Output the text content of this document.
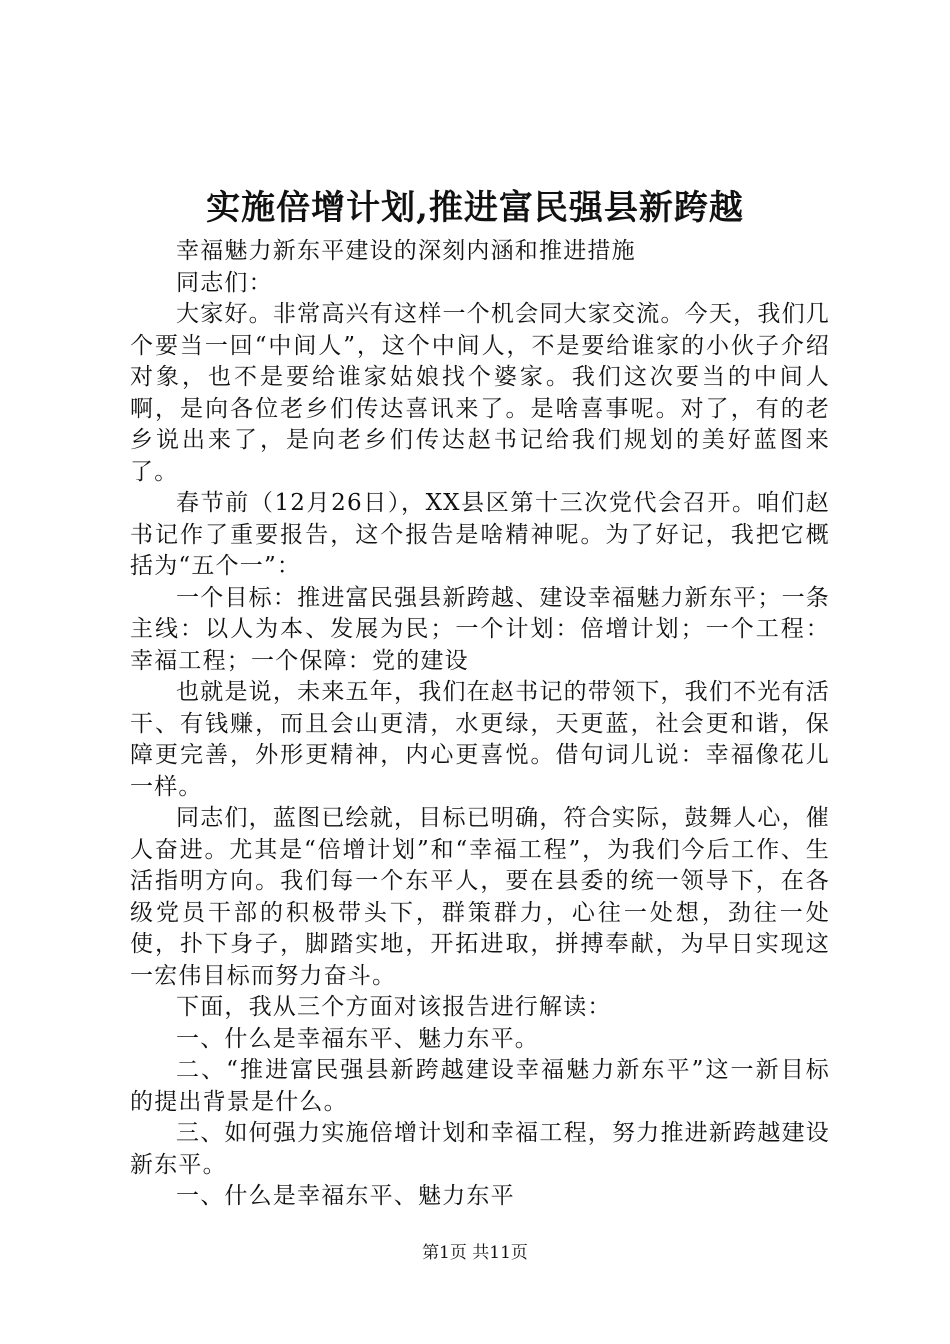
实施倍增计划,推进富民强县新跨越

幸福魅力新东平建设的深刻内涵和推进措施

同志们：

大家好。非常高兴有这样一个机会同大家交流。今天，我们几个要当一回“中间人”，这个中间人，不是要给谁家的小伙子介绍对象，也不是要给谁家姑娘找个婆家。我们这次要当的中间人啊，是向各位老乡们传达喜讯来了。是啥喜事呢。对了，有的老乡说出来了，是向老乡们传达赵书记给我们规划的美好蓝图来了。

春节前（12月26日），XX县区第十三次党代会召开。咱们赵书记作了重要报告，这个报告是啥精神呢。为了好记，我把它概括为“五个一”：

一个目标：推进富民强县新跨越、建设幸福魅力新东平；一条主线：以人为本、发展为民；一个计划：倍增计划；一个工程：幸福工程；一个保障：党的建设

也就是说，未来五年，我们在赵书记的带领下，我们不光有活干、有钱赚，而且会山更清，水更绿，天更蓝，社会更和谐，保障更完善，外形更精神，内心更喜悦。借句词儿说：幸福像花儿一样。

同志们，蓝图已绘就，目标已明确，符合实际，鼓舞人心，催人奋进。尤其是“倍增计划”和“幸福工程”，为我们今后工作、生活指明方向。我们每一个东平人，要在县委的统一领导下，在各级党员干部的积极带头下，群策群力，心往一处想，劲往一处使，扑下身子，脚踏实地，开拓进取，拼搏奉献，为早日实现这一宏伟目标而努力奋斗。

下面，我从三个方面对该报告进行解读：

一、什么是幸福东平、魅力东平。

二、“推进富民强县新跨越建设幸福魅力新东平”这一新目标的提出背景是什么。

三、如何强力实施倍增计划和幸福工程，努力推进新跨越建设新东平。

一、什么是幸福东平、魅力东平

第1页 共11页
